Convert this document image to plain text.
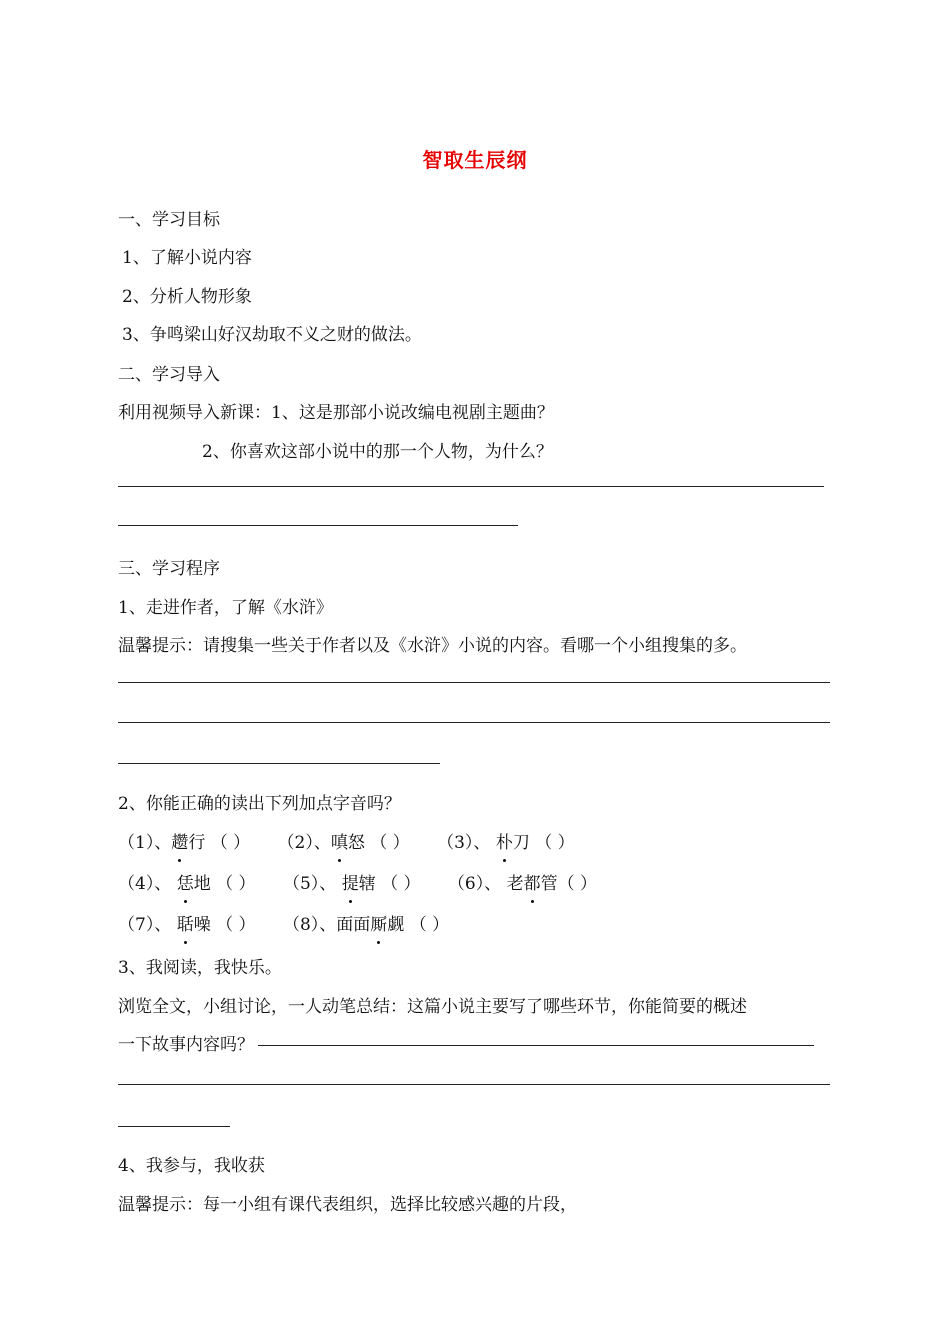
智取生辰纲
一、学习目标
1、了解小说内容
2、分析人物形象
3、争鸣梁山好汉劫取不义之财的做法。
二、学习导入
利用视频导入新课：1、这是那部小说改编电视剧主题曲？
2、你喜欢这部小说中的那一个人物，为什么？
三、学习程序
1、走进作者，了解《水浒》
温馨提示：请搜集一些关于作者以及《水浒》小说的内容。看哪一个小组搜集的多。
2、你能正确的读出下列加点字音吗？
（1）、趱行 （ ） （2）、嗔怒 （ ） （3）、 朴刀 （ ）
（4）、 恁地 （ ） （5）、 提辖 （ ） （6）、 老都管（ ）
（7）、 聒噪 （ ） （8）、面面厮觑 （ ）
3、我阅读，我快乐。
浏览全文，小组讨论，一人动笔总结：这篇小说主要写了哪些环节，你能简要的概述
一下故事内容吗？
4、我参与，我收获
温馨提示：每一小组有课代表组织，选择比较感兴趣的片段，
